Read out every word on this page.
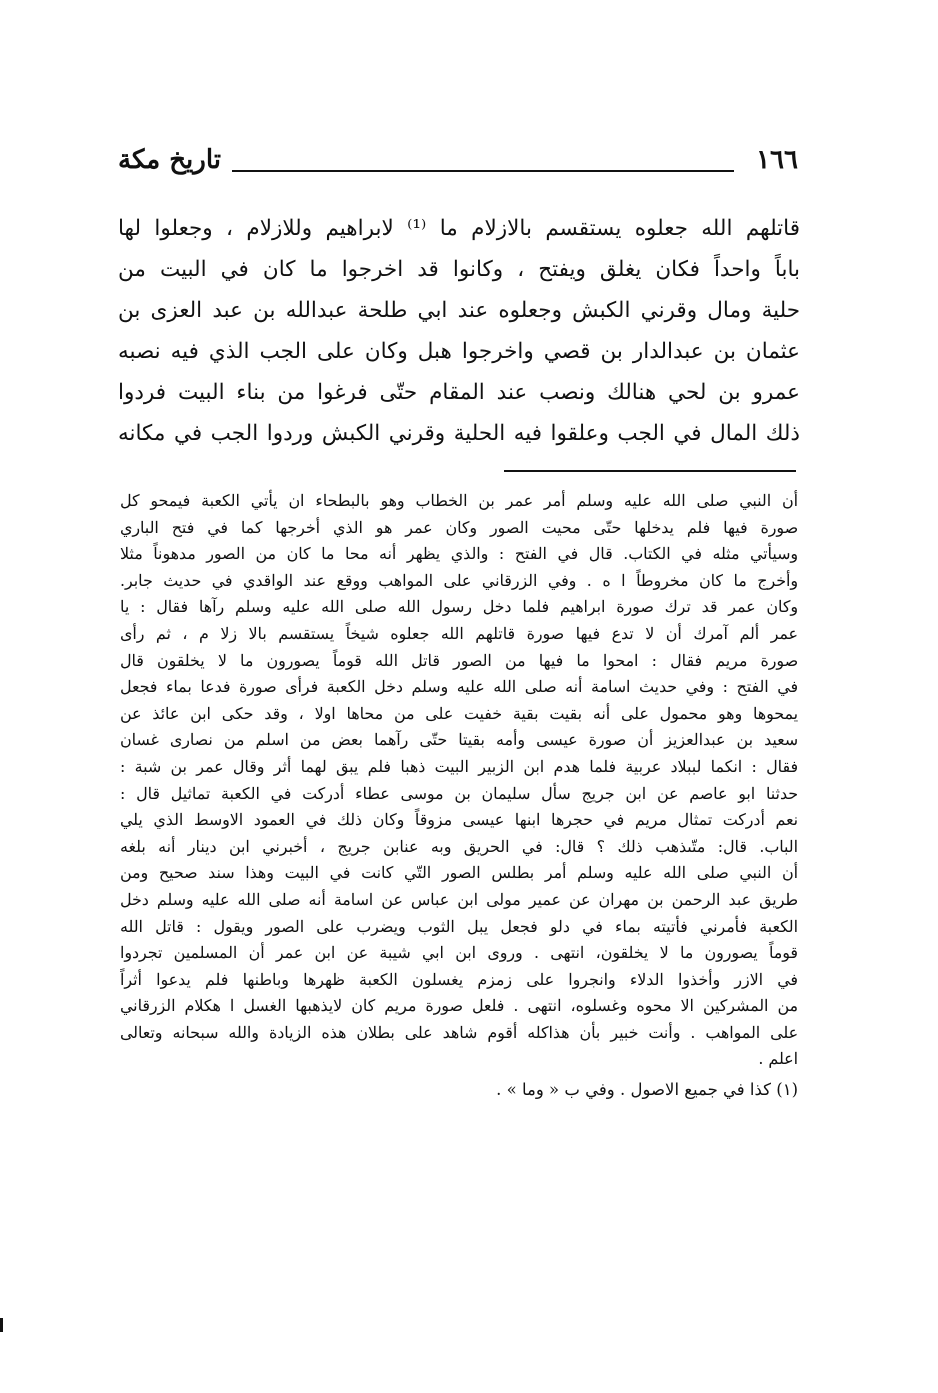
١٦٦
تاريخ مكة
قاتلهم الله جعلوه يستقسم بالازلام ما ⁽¹⁾ لابراهيم وللازلام ، وجعلوا لها
باباً واحداً فكان يغلق ويفتح ، وكانوا قد اخرجوا ما كان في البيت من
حلية ومال وقرني الكبش وجعلوه عند ابي طلحة عبدالله بن عبد العزى بن
عثمان بن عبدالدار بن قصي واخرجوا هبل وكان على الجب الذي فيه نصبه
عمرو بن لحي هنالك ونصب عند المقام حتّى فرغوا من بناء البيت فردوا
ذلك المال في الجب وعلقوا فيه الحلية وقرني الكبش وردوا الجب في مكانه
أن النبي صلى الله عليه وسلم أمر عمر بن الخطاب وهو بالبطحاء ان يأتي الكعبة فيمحو كل
صورة فيها فلم يدخلها حتّى محيت الصور وكان عمر هو الذي أخرجها كما في فتح الباري
وسيأتي مثله في الكتاب. قال في الفتح : والذي يظهر أنه محا ما كان من الصور مدهوناً مثلا
وأخرج ما كان مخروطاً ا ه . وفي الزرقاني على المواهب ووقع عند الواقدي في حديث جابر.
وكان عمر قد ترك صورة ابراهيم فلما دخل رسول الله صلى الله عليه وسلم رآها فقال : يا
عمر ألم آمرك أن لا تدع فيها صورة قاتلهم الله جعلوه شيخاً يستقسم بالا زلا م ، ثم رأى
صورة مريم فقال : امحوا ما فيها من الصور قاتل الله قوماً يصورون ما لا يخلقون قال
في الفتح : وفي حديث اسامة أنه صلى الله عليه وسلم دخل الكعبة فرأى صورة فدعا بماء فجعل
يمحوها وهو محمول على أنه بقيت بقية خفيت على من محاها اولا ، وقد حكى ابن عائذ عن
سعيد بن عبدالعزيز أن صورة عيسى وأمه بقيتا حتّى رآهما بعض من اسلم من نصارى غسان
فقال : انكما لببلاد عربية فلما هدم ابن الزبير البيت ذهبا فلم يبق لهما أثر وقال عمر بن شبة :
حدثنا ابو عاصم عن ابن جريج سأل سليمان بن موسى عطاء أدركت في الكعبة تماثيل قال :
نعم أدركت تمثال مريم في حجرها ابنها عيسى مزوقاً وكان ذلك في العمود الاوسط الذي يلي
الباب. قال: متّىذهب ذلك ؟ قال: في الحريق وبه عنابن جريج ، أخبرني ابن دينار أنه بلغه
أن النبي صلى الله عليه وسلم أمر بطلس الصور التّي كانت في البيت وهذا سند صحيح ومن
طريق عبد الرحمن بن مهران عن عمير مولى ابن عباس عن اسامة أنه صلى الله عليه وسلم دخل
الكعبة فأمرني فأتيته بماء في دلو فجعل يبل الثوب ويضرب على الصور ويقول : قاتل الله
قوماً يصورون ما لا يخلقون، انتهى . وروى ابن ابي شيبة عن ابن عمر أن المسلمين تجردوا
في الازر وأخذوا الدلاء وانجروا على زمزم يغسلون الكعبة ظهرها وباطنها فلم يدعوا أثراً
من المشركين الا محوه وغسلوه، انتهى . فلعل صورة مريم كان لايذهبها الغسل ا هكلام الزرقاني
على المواهب . وأنت خبير بأن هذاكله أقوم شاهد على بطلان هذه الزيادة والله سبحانه وتعالى
اعلم .
(١) كذا في جميع الاصول . وفي ب « وما » .
